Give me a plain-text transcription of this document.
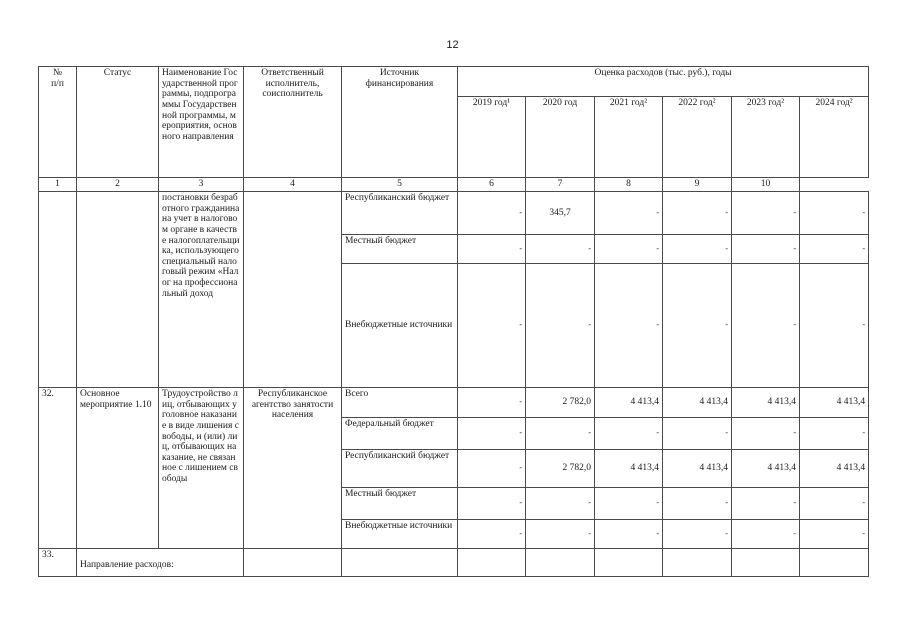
12
№
п/п	Статус	Наименование Государственной программы, подпрограммы Государственной программы, мероприятия, основного направления	Ответственный исполнитель, соисполнитель	Источник финансирования	Оценка расходов (тыс. руб.), годы					
					2019 год¹	2020 год	2021 год²	2022 год²	2023 год²	2024 год²
1	2	3	4	5	6	7	8	9	10	
		постановки безработного гражданина на учет в налоговом органе в качестве налогоплательщика, использующего специальный налоговый режим «Налог на профессиональный доход		Республиканский бюджет	-	345,7	-	-	-	-
				Местный бюджет	-	-	-	-	-	-
				Внебюджетные источники	-	-	-	-	-	-
32.	Основное мероприятие 1.10	Трудоустройство лиц, отбывающих уголовное наказание в виде лишения свободы, и (или) лиц, отбывающих наказание, не связанное с лишением свободы	Республиканское агентство занятости населения	Всего	-	2 782,0	4 413,4	4 413,4	4 413,4	4 413,4
				Федеральный бюджет	-	-	-	-	-	-
				Республиканский бюджет	-	2 782,0	4 413,4	4 413,4	4 413,4	4 413,4
				Местный бюджет	-	-	-	-	-	-
				Внебюджетные источники	-	-	-	-	-	-
33.	Направление расходов:									
